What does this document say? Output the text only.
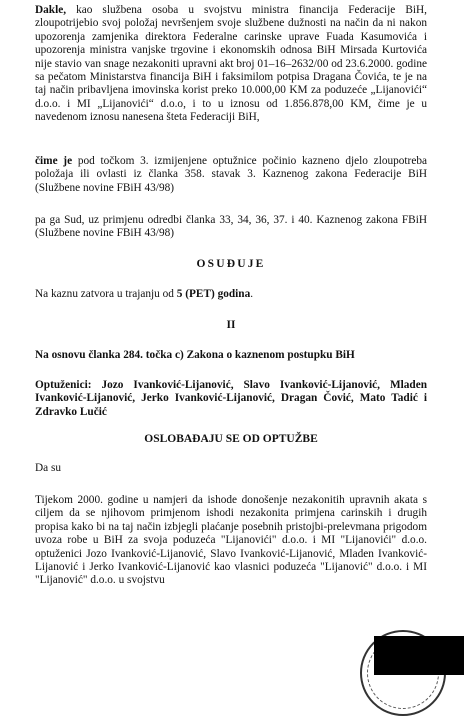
Dakle, kao službena osoba u svojstvu ministra financija Federacije BiH, zloupotrijebio svoj položaj nevršenjem svoje službene dužnosti na način da ni nakon upozorenja zamjenika direktora Federalne carinske uprave Fuada Kasumovića i upozorenja ministra vanjske trgovine i ekonomskih odnosa BiH Mirsada Kurtovića nije stavio van snage nezakoniti upravni akt broj 01–16–2632/00 od 23.6.2000. godine sa pečatom Ministarstva financija BiH i faksimilom potpisa Dragana Čovića, te je na taj način pribavljena imovinska korist preko 10.000,00 KM za poduzeće „Lijanovići“ d.o.o. i MI „Lijanovići“ d.o.o, i to u iznosu od 1.856.878,00 KM, čime je u navedenom iznosu nanesena šteta Federaciji BiH,

čime je pod točkom 3. izmijenjene optužnice počinio kazneno djelo zloupotreba položaja ili ovlasti iz članka 358. stavak 3. Kaznenog zakona Federacije BiH (Službene novine FBiH 43/98)

pa ga Sud, uz primjenu odredbi članka 33, 34, 36, 37. i 40. Kaznenog zakona FBiH (Službene novine FBiH 43/98)

OSUĐUJE

Na kaznu zatvora u trajanju od 5 (PET) godina.

II

Na osnovu članka 284. točka c) Zakona o kaznenom postupku BiH

Optuženici: Jozo Ivanković-Lijanović, Slavo Ivanković-Lijanović, Mladen Ivanković-Lijanović, Jerko Ivanković-Lijanović, Dragan Čović, Mato Tadić i Zdravko Lučić

OSLOBAĐAJU SE OD OPTUŽBE

Da su

Tijekom 2000. godine u namjeri da ishode donošenje nezakonitih upravnih akata s ciljem da se njihovom primjenom ishodi nezakonita primjena carinskih i drugih propisa kako bi na taj način izbjegli plaćanje posebnih pristojbi-prelevmana prigodom uvoza robe u BiH za svoja poduzeća "Lijanovići" d.o.o. i MI "Lijanovići" d.o.o. optuženici Jozo Ivanković-Lijanović, Slavo Ivanković-Lijanović, Mladen Ivanković-Lijanović i Jerko Ivanković-Lijanović kao vlasnici poduzeća "Lijanović" d.o.o. i MI "Lijanović" d.o.o. u svojstvu
